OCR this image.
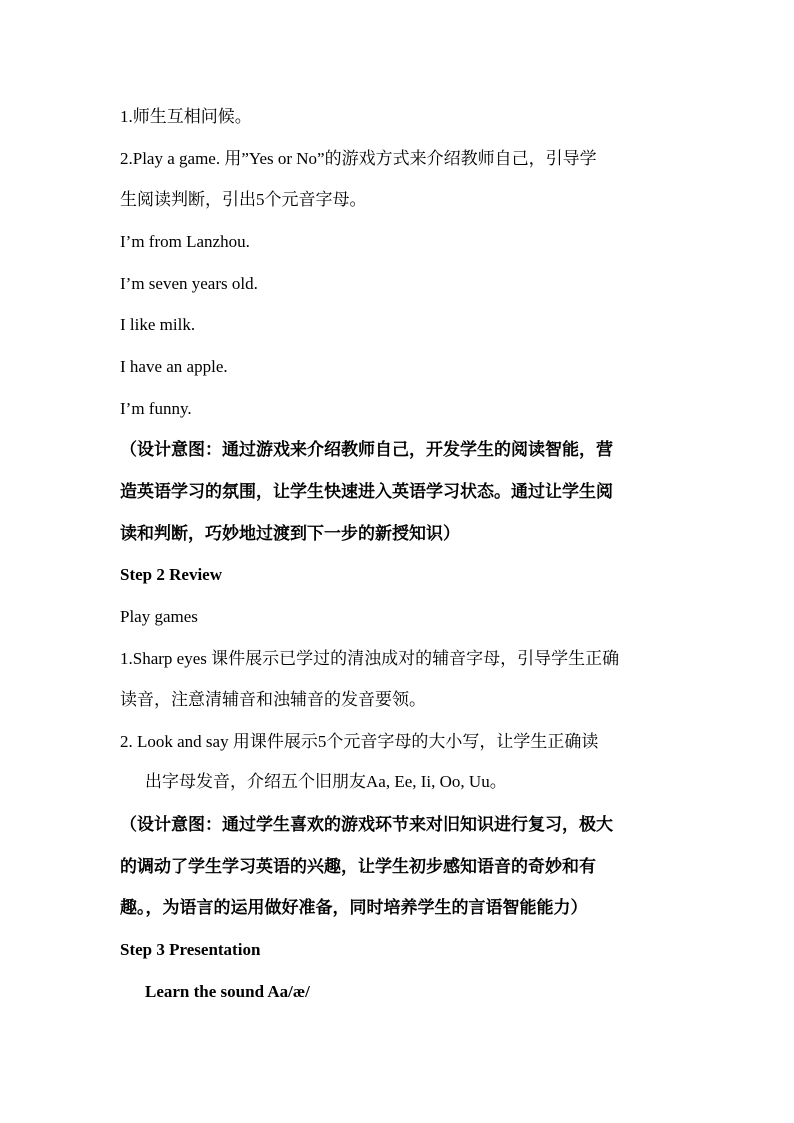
1.师生互相问候。
2.Play a game. 用”Yes or No”的游戏方式来介绍教师自己，引导学
生阅读判断，引出5个元音字母。
I’m from Lanzhou.
I’m seven years old.
I like milk.
I have an apple.
I’m funny.
（设计意图：通过游戏来介绍教师自己，开发学生的阅读智能，营
造英语学习的氛围，让学生快速进入英语学习状态。通过让学生阅
读和判断，巧妙地过渡到下一步的新授知识）
Step 2 Review
Play games
1.Sharp eyes 课件展示已学过的清浊成对的辅音字母，引导学生正确
读音，注意清辅音和浊辅音的发音要领。
2. Look and say 用课件展示5个元音字母的大小写，让学生正确读
出字母发音，介绍五个旧朋友Aa, Ee, Ii, Oo, Uu。
（设计意图：通过学生喜欢的游戏环节来对旧知识进行复习，极大
的调动了学生学习英语的兴趣，让学生初步感知语音的奇妙和有
趣。，为语言的运用做好准备，同时培养学生的言语智能能力）
Step 3 Presentation
Learn the sound Aa/æ/
